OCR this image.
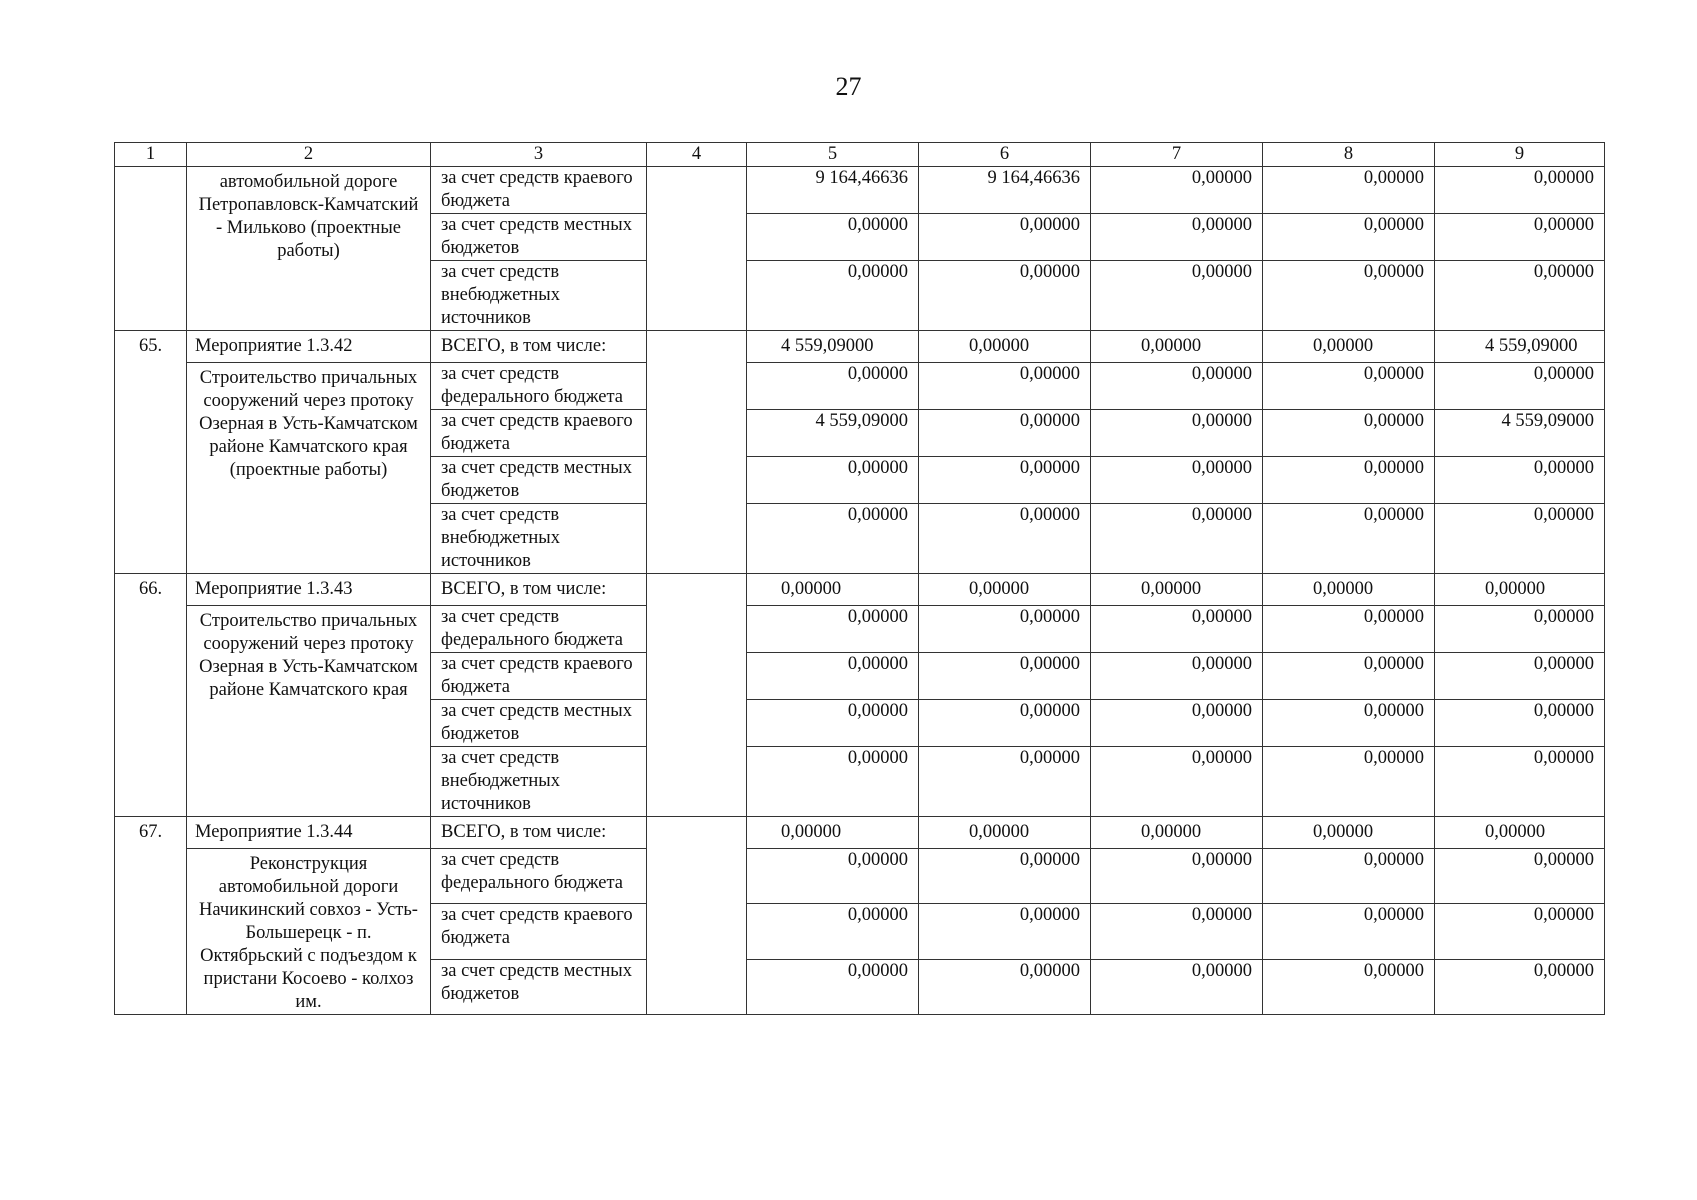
27
1	2	3	4	5	6	7	8	9
	автомобильной дороге Петропавловск-Камчатский - Мильково (проектные работы)	за счет средств краевого бюджета		9 164,46636	9 164,46636	0,00000	0,00000	0,00000
		за счет средств местных бюджетов		0,00000	0,00000	0,00000	0,00000	0,00000
		за счет средств внебюджетных источников		0,00000	0,00000	0,00000	0,00000	0,00000
65.	Мероприятие 1.3.42	ВСЕГО, в том числе:		4 559,09000	0,00000	0,00000	0,00000	4 559,09000
	Строительство причальных сооружений через протоку Озерная в Усть-Камчатском районе Камчатского края (проектные работы)	за счет средств федерального бюджета		0,00000	0,00000	0,00000	0,00000	0,00000
		за счет средств краевого бюджета		4 559,09000	0,00000	0,00000	0,00000	4 559,09000
		за счет средств местных бюджетов		0,00000	0,00000	0,00000	0,00000	0,00000
		за счет средств внебюджетных источников		0,00000	0,00000	0,00000	0,00000	0,00000
66.	Мероприятие 1.3.43	ВСЕГО, в том числе:		0,00000	0,00000	0,00000	0,00000	0,00000
	Строительство причальных сооружений через протоку Озерная в Усть-Камчатском районе Камчатского края	за счет средств федерального бюджета		0,00000	0,00000	0,00000	0,00000	0,00000
		за счет средств краевого бюджета		0,00000	0,00000	0,00000	0,00000	0,00000
		за счет средств местных бюджетов		0,00000	0,00000	0,00000	0,00000	0,00000
		за счет средств внебюджетных источников		0,00000	0,00000	0,00000	0,00000	0,00000
67.	Мероприятие 1.3.44	ВСЕГО, в том числе:		0,00000	0,00000	0,00000	0,00000	0,00000
	Реконструкция автомобильной дороги Начикинский совхоз - Усть-Большерецк - п. Октябрьский с подъездом к пристани Косоево - колхоз им.	за счет средств федерального бюджета		0,00000	0,00000	0,00000	0,00000	0,00000
		за счет средств краевого бюджета		0,00000	0,00000	0,00000	0,00000	0,00000
		за счет средств местных бюджетов		0,00000	0,00000	0,00000	0,00000	0,00000
